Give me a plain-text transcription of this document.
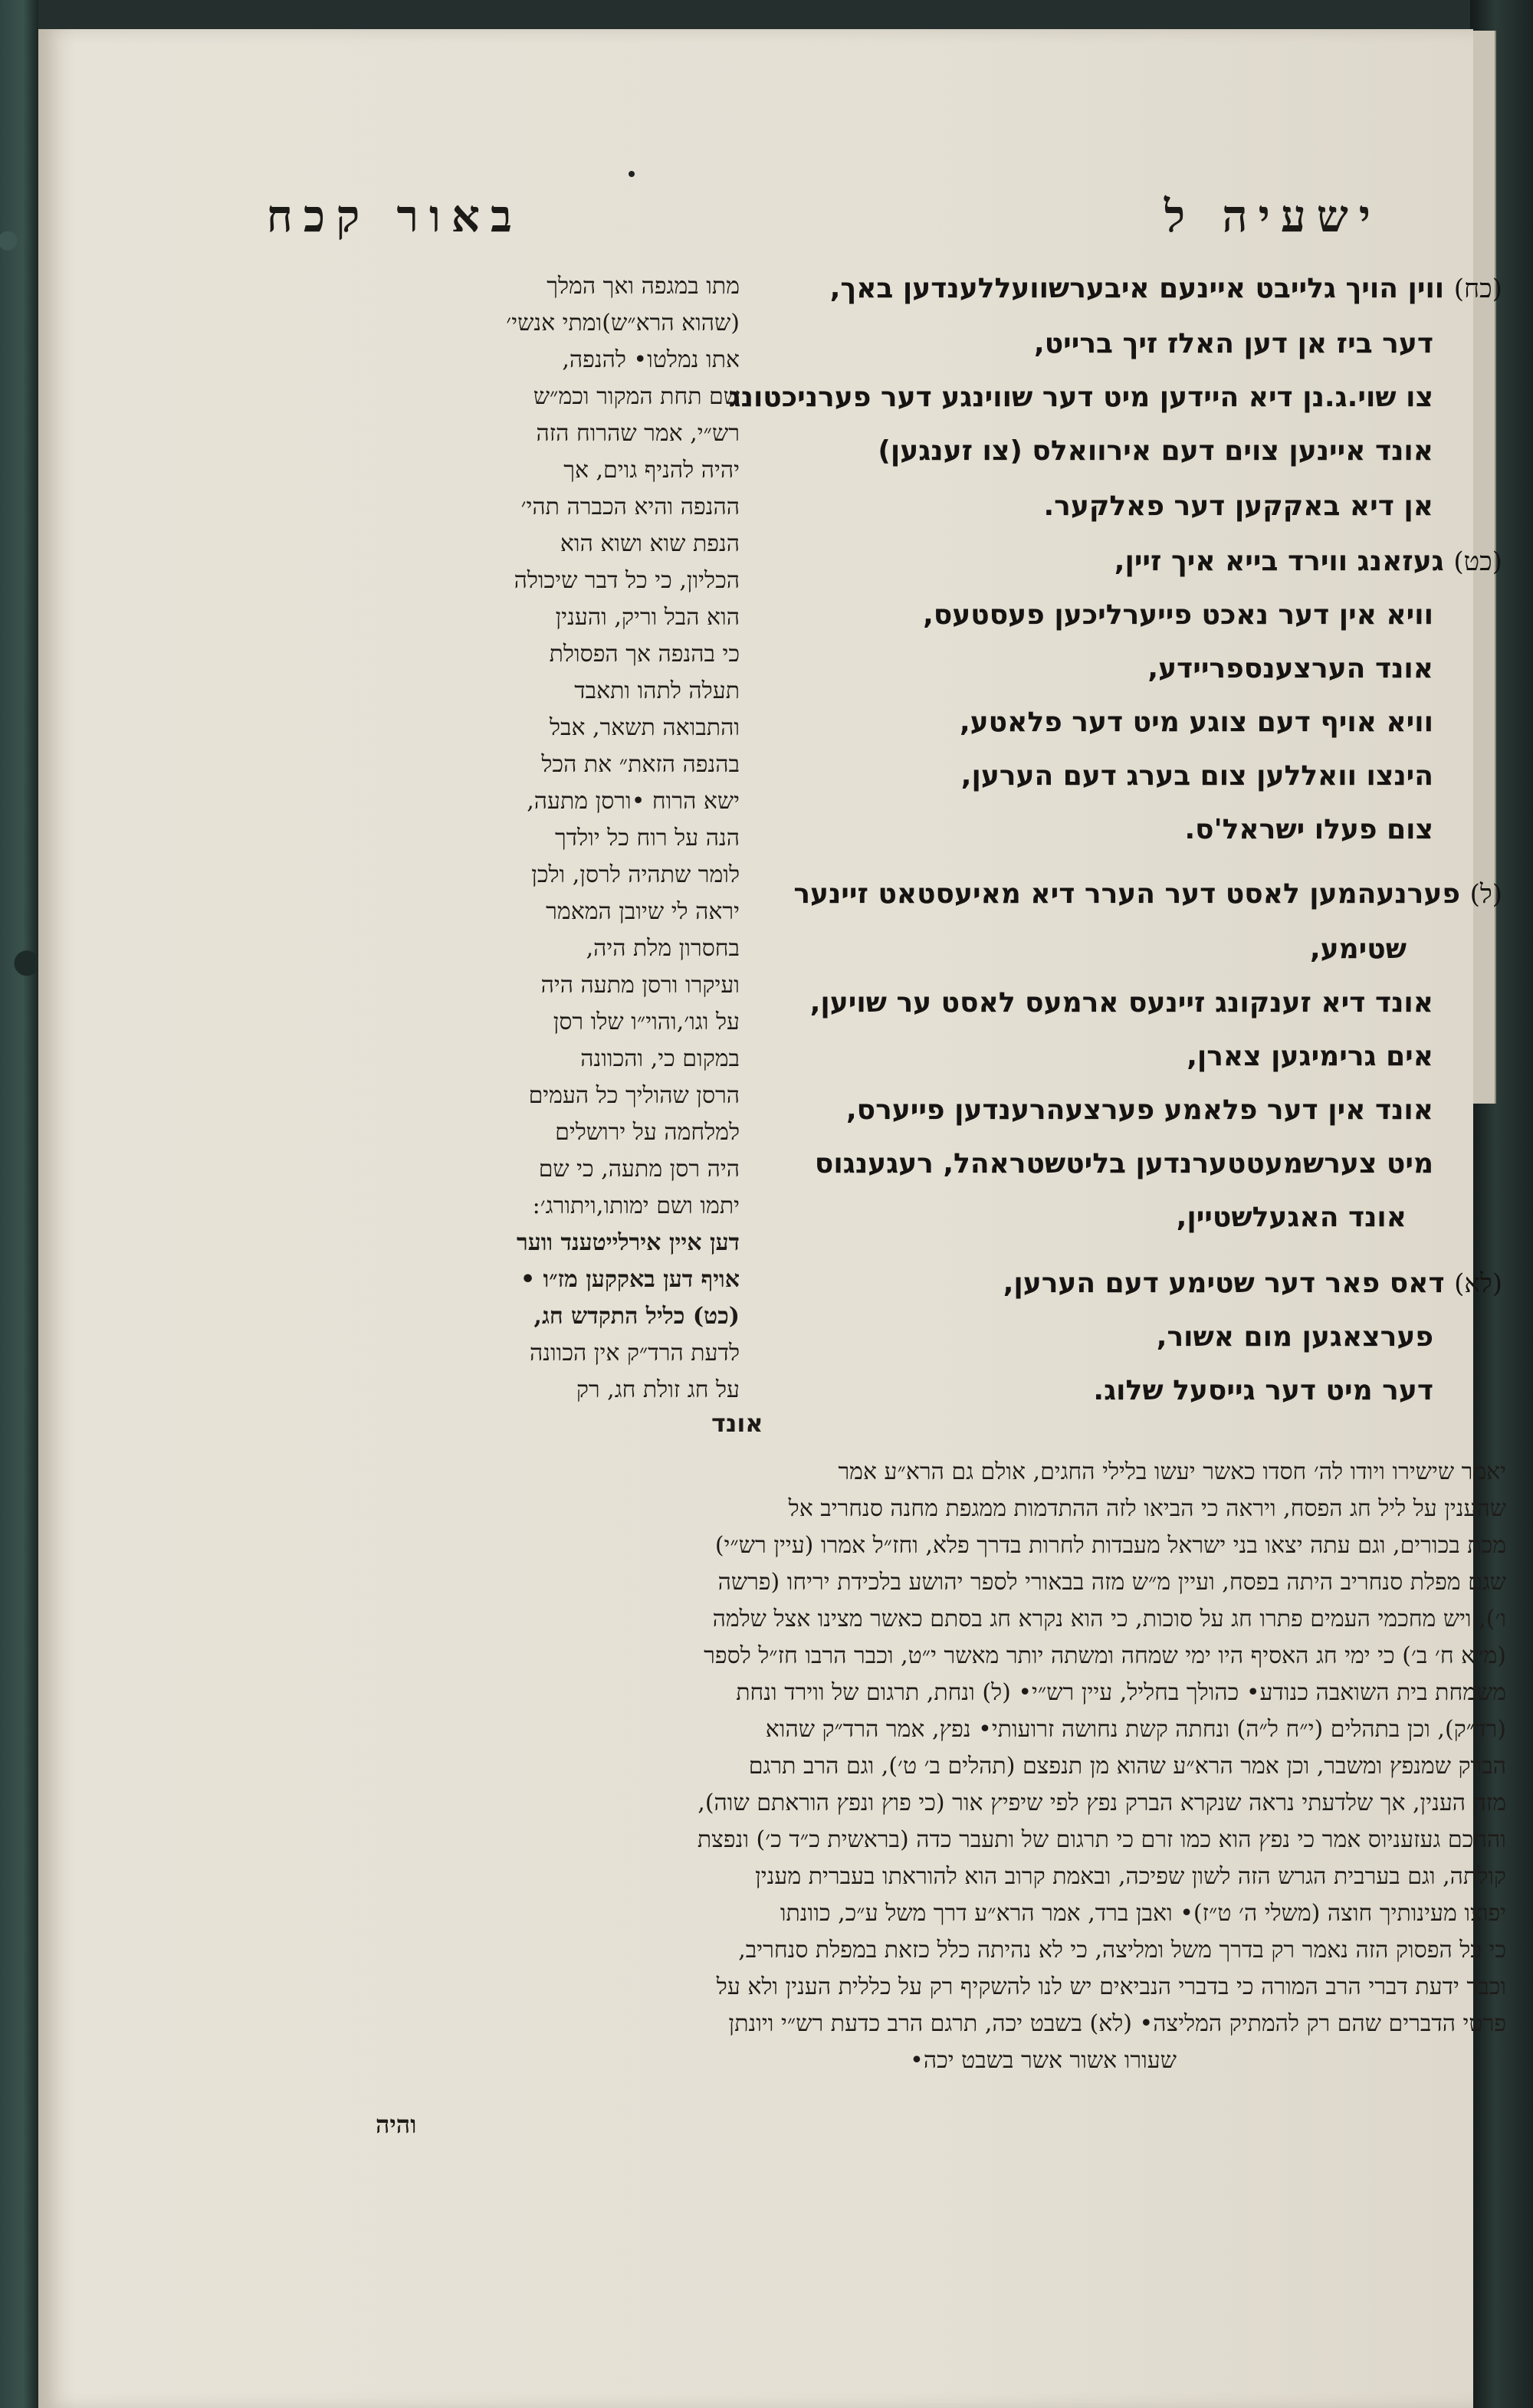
ישעיה ל
באור קכח
(כח) ווין הויך גלייבט איינעם איבערשוועללענדען באך,
דער ביז אן דען האלז זיך ברייט,
צו שוי.ג.נן דיא היידען מיט דער שווינגע דער פערניכטונג
אונד איינען צוים דעם אירוואלס (צו זענגען)
אן דיא באקקען דער פאלקער.
(כט) געזאנג ווירד בייא איך זיין,
וויא אין דער נאכט פייערליכען פעסטעס,
אונד הערצענספריידע,
וויא אויף דעם צוגע מיט דער פלאטע,
הינצו וואללען צום בערג דעם הערען,
צום פעלו ישראל'ס.
(ל) פערנעהמען לאסט דער הערר דיא מאיעסטאט זיינער
שטימע,
אונד דיא זענקונג זיינעס ארמעס לאסט ער שויען,
אים גרימיגען צארן,
אונד אין דער פלאמע פערצעהרענדען פייערס,
מיט צערשמעטטערנדען בליטשטראהל, רעגענגוס
אונד האגעלשטיין,
(לא) דאס פאר דער שטימע דעם הערען,
פערצאגען מום אשור,
דער מיט דער גייסעל שלוג.
אונד
מתו במגפה ואך המלך
(שהוא הרא״ש)ומתי אנשי׳
אתו נמלטו• להנפה,
שם תחת המקור וכמ״ש
רש״י, אמר שהרוח הזה
יהיה להניף גוים, אך
ההנפה והיא הכברה תהי׳
הנפת שוא ושוא הוא
הכליון, כי כל דבר שיכולה
הוא הבל וריק, והענין
כי בהנפה אך הפסולת
תעלה לתהו ותאבד
והתבואה תשאר, אבל
בהנפה הזאת״ את הכל
ישא הרוח •ורסן מתעה,
הנה על רוח כל יולדך
לומר שתהיה לרסן, ולכן
יראה לי שיובן המאמר
בחסרון מלת היה,
ועיקרו ורסן מתעה היה
על וגו׳,והוי״ו שלו רסן
במקום כי, והכוונה
הרסן שהוליך כל העמים
למלחמה על ירושלים
היה רסן מתעה, כי שם
יתמו ושם ימותו,ויתורג׳:
דען איין אירלייטענד ווער
אויף דען באקקען מז״ו •
(כט) כליל התקדש חג,
לדעת הרד״ק אין הכוונה
על חג זולת חג, רק
יאמר שישירו ויודו לה׳ חסדו כאשר יעשו בלילי החגים, אולם גם הרא״ע אמר
שהענין על ליל חג הפסח, ויראה כי הביאו לזה ההתדמות ממגפת מחנה סנחריב אל
מכת בכורים, וגם עתה יצאו בני ישראל מעבדות לחרות בדרך פלא, וחז״ל אמרו (עיין רש״י)
שגם מפלת סנחריב היתה בפסח, ועיין מ״ש מזה בבאורי לספר יהושע בלכידת יריחו (פרשה
ו׳), ויש מחכמי העמים פתרו חג על סוכות, כי הוא נקרא חג בסתם כאשר מצינו אצל שלמה
(מ״א ח׳ ב׳) כי ימי חג האסיף היו ימי שמחה ומשתה יותר מאשר י״ט, וכבר הרבו חז״ל לספר
משמחת בית השואבה כנודע• כהולך בחליל, עיין רש״י• (ל) ונחת, תרגום של ווירד ונחת
(רד״ק), וכן בתהלים (י״ח ל״ה) ונחתה קשת נחושה זרועותי• נפץ, אמר הרד״ק שהוא
הברק שמנפץ ומשבר, וכן אמר הרא״ע שהוא מן תנפצם (תהלים ב׳ ט׳), וגם הרב תרגם
מזה הענין, אך שלדעתי נראה שנקרא הברק נפץ לפי שיפיץ אור (כי פוץ ונפץ הוראתם שוה),
והחכם געזעניוס אמר כי נפץ הוא כמו זרם כי תרגום של ותעבר כדה (בראשית כ״ד כ׳) ונפצת
קולתה, וגם בערבית הגרש הזה לשון שפיכה, ובאמת קרוב הוא להוראתו בעברית מענין
יפוצו מעינותיך חוצה (משלי ה׳ ט״ז)• ואבן ברד, אמר הרא״ע דרך משל ע״כ, כוונתו
כי כל הפסוק הזה נאמר רק בדרך משל ומליצה, כי לא נהיתה כלל כזאת במפלת סנחריב,
וכבר ידעת דברי הרב המורה כי בדברי הנביאים יש לנו להשקיף רק על כללית הענין ולא על
פרטי הדברים שהם רק להמתיק המליצה• (לא) בשבט יכה, תרגם הרב כדעת רש״י ויונתן
שעורו אשור אשר בשבט יכה•
והיה
